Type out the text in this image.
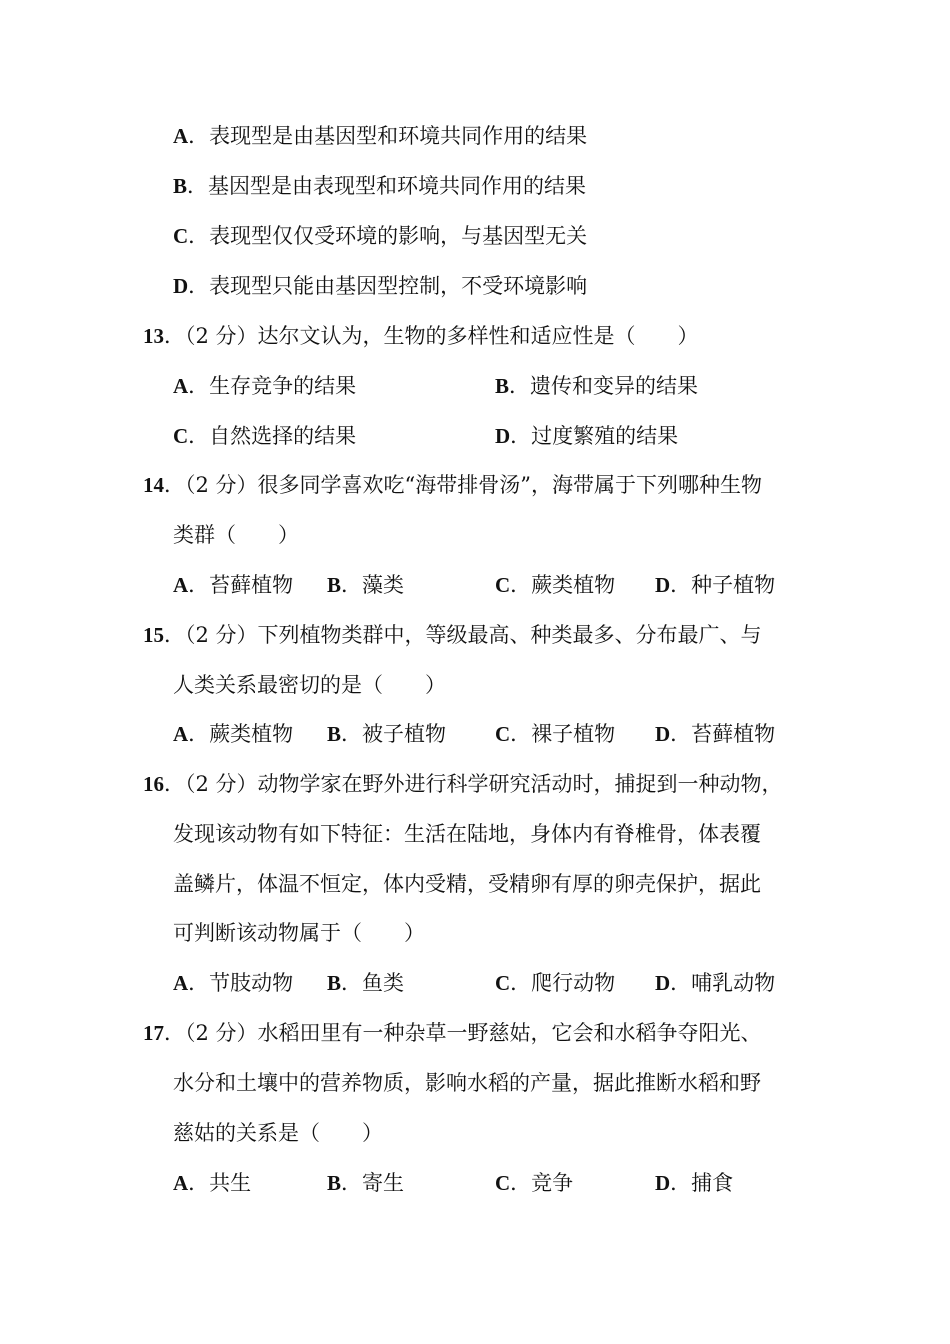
A．表现型是由基因型和环境共同作用的结果
B．基因型是由表现型和环境共同作用的结果
C．表现型仅仅受环境的影响，与基因型无关
D．表现型只能由基因型控制，不受环境影响
13．（2 分）达尔文认为，生物的多样性和适应性是（　　）
A．生存竞争的结果	B．遗传和变异的结果
C．自然选择的结果	D．过度繁殖的结果
14．（2 分）很多同学喜欢吃“海带排骨汤”，海带属于下列哪种生物
类群（　　）
A．苔藓植物 B．藻类	C．蕨类植物 D．种子植物
15．（2 分）下列植物类群中，等级最高、种类最多、分布最广、与
人类关系最密切的是（　　）
A．蕨类植物 B．被子植物 C．裸子植物 D．苔藓植物
16．（2 分）动物学家在野外进行科学研究活动时，捕捉到一种动物，
发现该动物有如下特征：生活在陆地，身体内有脊椎骨，体表覆
盖鳞片，体温不恒定，体内受精，受精卵有厚的卵壳保护，据此
可判断该动物属于（　　）
A．节肢动物 B．鱼类	C．爬行动物 D．哺乳动物
17．（2 分）水稻田里有一种杂草一野慈姑，它会和水稻争夺阳光、
水分和土壤中的营养物质，影响水稻的产量，据此推断水稻和野
慈姑的关系是（　　）
A．共生	B．寄生	C．竞争	D．捕食
